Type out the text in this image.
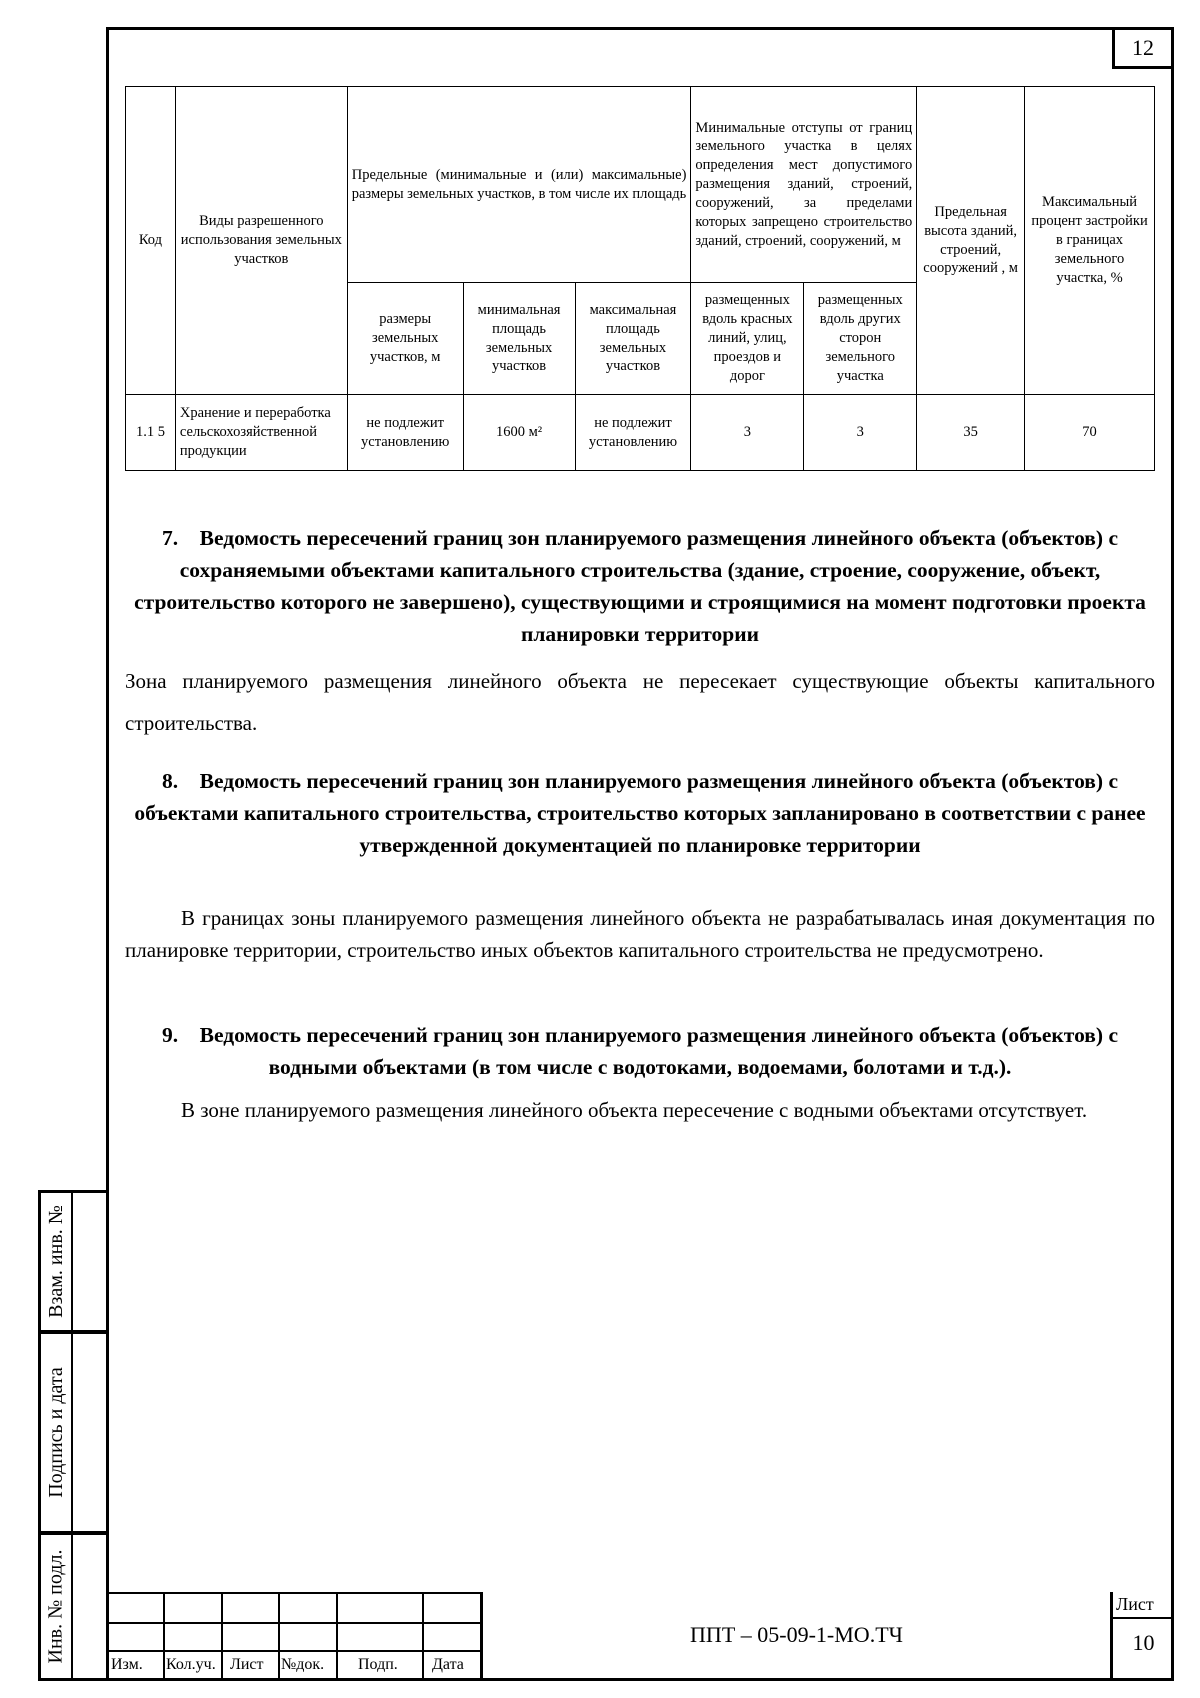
12
Взам. инв. №
Подпись и дата
Инв. № подл.
Код	Виды разрешенного использования земельных участков	Предельные (минимальные и (или) максимальные) размеры земельных участков, в том числе их площадь			Минимальные отступы от границ земельного участка в целях определения мест допустимого размещения зданий, строений, сооружений, за пределами которых запрещено строительство зданий, строений, сооружений, м		Предельная высота зданий, строений, сооружений , м	Максимальный процент застройки в границах земельного участка, %
		размеры земельных участков, м	минимальная площадь земельных участков	максимальная площадь земельных участков	размещенных вдоль красных линий, улиц, проездов и дорог	размещенных вдоль других сторон земельного участка		
1.1 5	Хранение и переработка сельскохозяйственной продукции	не подлежит установлению	1600 м²	не подлежит установлению	3	3	35	70
7. Ведомость пересечений границ зон планируемого размещения линейного объекта (объектов) с сохраняемыми объектами капитального строительства (здание, строение, сооружение, объект, строительство которого не завершено), существующими и строящимися на момент подготовки проекта планировки территории
Зона планируемого размещения линейного объекта не пересекает существующие объекты капитального строительства.
8. Ведомость пересечений границ зон планируемого размещения линейного объекта (объектов) с объектами капитального строительства, строительство которых запланировано в соответствии с ранее утвержденной документацией по планировке территории
В границах зоны планируемого размещения линейного объекта не разрабатывалась иная документация по планировке территории, строительство иных объектов капитального строительства не предусмотрено.
9. Ведомость пересечений границ зон планируемого размещения линейного объекта (объектов) с водными объектами (в том числе с водотоками, водоемами, болотами и т.д.).
В зоне планируемого размещения линейного объекта пересечение с водными объектами отсутствует.
Изм. Кол.уч. Лист №док. Подп. Дата
ППТ – 05-09-1-МО.ТЧ
Лист
10
